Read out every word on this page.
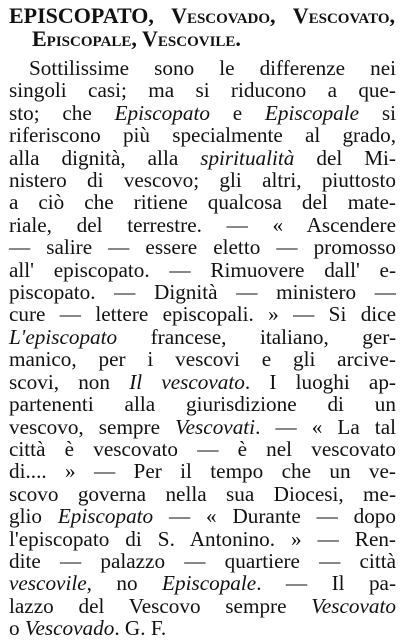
EPISCOPATO, Vescovado, Vescovato,
Episcopale, Vescovile.
Sottilissime sono le differenze nei
singoli casi; ma si riducono a que-
sto; che Episcopato e Episcopale si
riferiscono più specialmente al grado,
alla dignità, alla spiritualità del Mi-
nistero di vescovo; gli altri, piuttosto
a ciò che ritiene qualcosa del mate-
riale, del terrestre. — « Ascendere
— salire — essere eletto — promosso
all' episcopato. — Rimuovere dall' e-
piscopato. — Dignità — ministero —
cure — lettere episcopali. » — Si dice
L'episcopato francese, italiano, ger-
manico, per i vescovi e gli arcive-
scovi, non Il vescovato. I luoghi ap-
partenenti alla giurisdizione di un
vescovo, sempre Vescovati. — « La tal
città è vescovato — è nel vescovato
di.... » — Per il tempo che un ve-
scovo governa nella sua Diocesi, me-
glio Episcopato — « Durante — dopo
l'episcopato di S. Antonino. » — Ren-
dite — palazzo — quartiere — città
vescovile, no Episcopale. — Il pa-
lazzo del Vescovo sempre Vescovato
o Vescovado. G. F.
